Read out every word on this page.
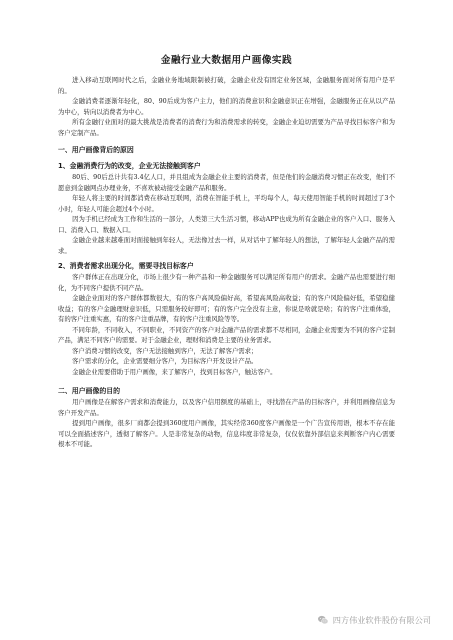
金融行业大数据用户画像实践

进入移动互联网时代之后，金融业务地域限制被打破，金融企业没有固定业务区域，金融服务面对所有用户是平的。

金融消费者逐渐年轻化，80、90后成为客户主力，他们的消费意识和金融意识正在增强，金融服务正在从以产品为中心，转向以消费者为中心。

所有金融行业面对的最大挑战是消费者的消费行为和消费需求的转变，金融企业迫切需要为产品寻找目标客户和为客户定制产品。

一、用户画像背后的原因

1、金融消费行为的改变，企业无法接触到客户

80后、90后总计共有3.4亿人口，并且组成为金融企业主要的消费者，但是他们的金融消费习惯正在改变，他们不愿意到金融网点办理业务，不喜欢被动接受金融产品和服务。

年轻人将主要的时间都消费在移动互联网，消费在智能手机上，平均每个人，每天使用智能手机的时间超过了3个小时，年轻人可能会超过4个小时。

因为手机已经成为工作和生活的一部分，人类第三大生活习惯，移动APP也成为所有金融企业的客户入口、服务入口、消费入口、数据入口。

金融企业越来越难面对面接触到年轻人，无法像过去一样，从对话中了解年轻人的想法，了解年轻人金融产品的需求。

2、消费者需求出现分化，需要寻找目标客户

客户群体正在出现分化，市场上很少有一种产品和一种金融服务可以满足所有用户的需求。金融产品也需要进行细化，为不同客户提供不同产品。

金融企业面对的客户群体都数很大，有的客户高风险偏好高，希望高风险高收益；有的客户风险偏好低，希望稳健收益；有的客户金融理财意识低，只需服务较好即可；有的客户完全没有主意，你说是啥就是啥；有的客户注重体验，有的客户注重实惠，有的客户注重品牌，有的客户注重风险等等。

不同年龄，不同收入，不同职业，不同资产的客户对金融产品的需求都不尽相同，金融企业需要为不同的客户定制产品，满足不同客户的需要。对于金融企业，理财和消费是主要的业务需求。

客户消费习惯的改变，客户无法接触到客户，无法了解客户需求；

客户需求的分化，企业需要细分客户，为目标客户开发设计产品。

金融企业需要借助于用户画像，来了解客户，找到目标客户，触达客户。

二、用户画像的目的

用户画像是在解客户需求和消费能力，以及客户信用额度的基础上，寻找潜在产品的目标客户，并利用画像信息为客户开发产品。

提到用户画像，很多厂商都会提到360度用户画像，其实经常360度客户画像是一个广告宣传用语，根本不存在能可以全面描述客户，透彻了解客户。人是非常复杂的动物，信息纬度非常复杂，仅仅依靠外部信息来判断客户内心需要根本不可能。

四方伟业软件股份有限公司
